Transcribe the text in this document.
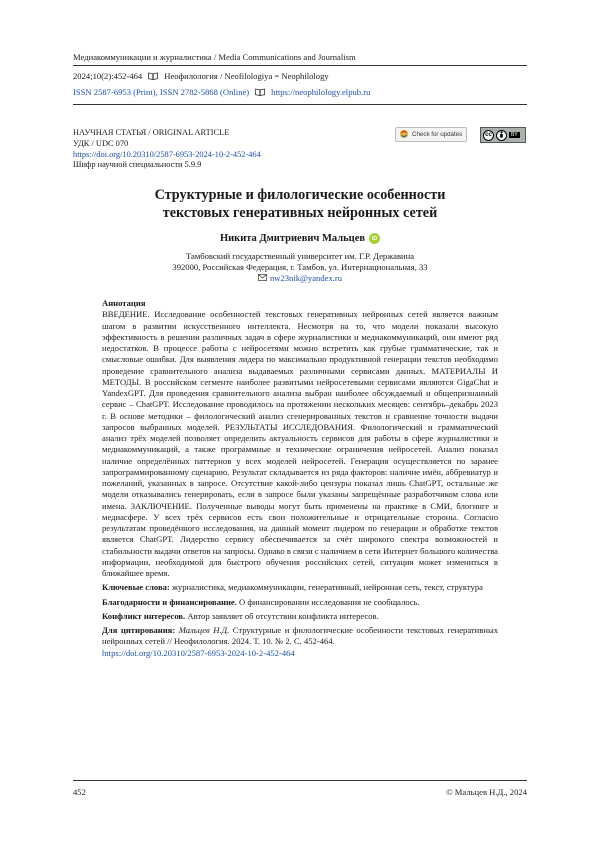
Медиакоммуникации и журналистика / Media Communications and Journalism
2024;10(2):452-464	Неофилология / Neofilologiya = Neophilology
ISSN 2587-6953 (Print), ISSN 2782-5868 (Online)	https://neophilology.elpub.ru
НАУЧНАЯ СТАТЬЯ / ORIGINAL ARTICLE
УДК / UDC 070
https://doi.org/10.20310/2587-6953-2024-10-2-452-464
Шифр научной специальности 5.9.9
Check for updates	cc	BY
Структурные и филологические особенности
текстовых генеративных нейронных сетей
Никита Дмитриевич Мальцев	iD
Тамбовский государственный университет им. Г.Р. Державина
392000, Российская Федерация, г. Тамбов, ул. Интернациональная, 33
nw23nik@yandex.ru

Аннотация

ВВЕДЕНИЕ. Исследование особенностей текстовых генеративных нейронных сетей является важным шагом в развитии искусственного интеллекта. Несмотря на то, что модели показали высокую эффективность в решении различных задач в сфере журналистики и медиакоммуникаций, они имеют ряд недостатков. В процессе работы с нейросетями можно встретить как грубые грамматические, так и смысловые ошибки. Для выявления лидера по максимально продуктивной генерации текстов необходимо проведение сравнительного анализа выдаваемых различными сервисами данных. МАТЕРИАЛЫ И МЕТОДЫ. В российском сегменте наиболее развитыми нейросетевыми сервисами являются GigaChat и YandexGPT. Для проведения сравнительного анализа выбран наиболее обсуждаемый и общепризнанный сервис – ChatGPT. Исследование проводилось на протяжении нескольких месяцев: сентябрь–декабрь 2023 г. В основе методики – филологический анализ сгенерированных текстов и сравнение точности выдачи запросов выбранных моделей. РЕЗУЛЬТАТЫ ИССЛЕДОВАНИЯ. Филологический и грамматический анализ трёх моделей позволяет определить актуальность сервисов для работы в сфере журналистики и медиакоммуникаций, а также программные и технические ограничения нейросетей. Анализ показал наличие определённых паттернов у всех моделей нейросетей. Генерация осуществляется по заранее запрограммированному сценарию. Результат складывается из ряда факторов: наличие имён, аббревиатур и пожеланий, указанных в запросе. Отсутствие какой-либо цензуры показал лишь ChatGPT, остальные же модели отказывались генерировать, если в запросе были указаны запрещённые разработчиком слова или имена. ЗАКЛЮЧЕНИЕ. Полученные выводы могут быть применены на практике в СМИ, блогинге и медиасфере. У всех трёх сервисов есть свои положительные и отрицательные стороны. Согласно результатам проведённого исследования, на данный момент лидером по генерации и обработке текстов является ChatGPT. Лидерство сервису обеспечивается за счёт широкого спектра возможностей и стабильности выдачи ответов на запросы. Однако в связи с наличием в сети Интернет большого количества информации, необходимой для быстрого обучения российских сетей, ситуация может измениться в ближайшее время.

Ключевые слова: журналистика, медиакоммуникации, генеративный, нейронная сеть, текст, структура

Благодарности и финансирование. О финансировании исследования не сообщалось.

Конфликт интересов. Автор заявляет об отсутствии конфликта интересов.

Для цитирования: Мальцев Н.Д. Структурные и филологические особенности текстовых генеративных нейронных сетей // Неофилология. 2024. Т. 10. № 2. С. 452-464.
https://doi.org/10.20310/2587-6953-2024-10-2-452-464

452	© Мальцев Н.Д., 2024
